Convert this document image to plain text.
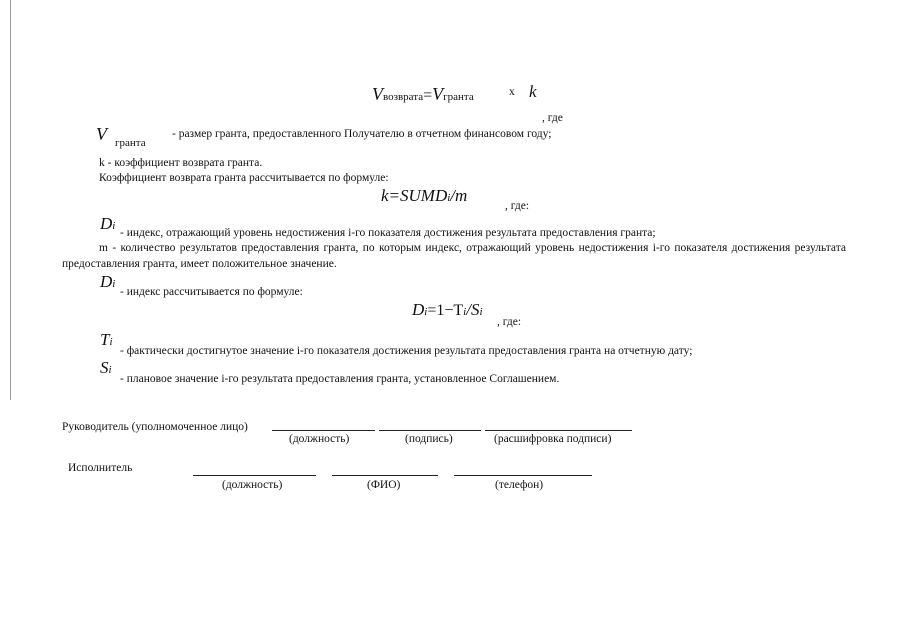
Vвозврата=Vгранта	x k
, где
V гранта
- размер гранта, предоставленного Получателю в отчетном финансовом году;
k - коэффициент возврата гранта.
Коэффициент возврата гранта рассчитывается по формуле:
k=SUMDi/m
, где:
Di
- индекс, отражающий уровень недостижения i-го показателя достижения результата предоставления гранта;
m - количество результатов предоставления гранта, по которым индекс, отражающий уровень недостижения i-го показателя достижения результата предоставления гранта, имеет положительное значение.
Di
- индекс рассчитывается по формуле:
Di=1−Ti/Si
, где:
Ti
- фактически достигнутое значение i-го показателя достижения результата предоставления гранта на отчетную дату;
Si
- плановое значение i-го результата предоставления гранта, установленное Соглашением.
Руководитель (уполномоченное лицо)
(должность)	(подпись)	(расшифровка подписи)
Исполнитель
(должность)	(ФИО)	(телефон)
